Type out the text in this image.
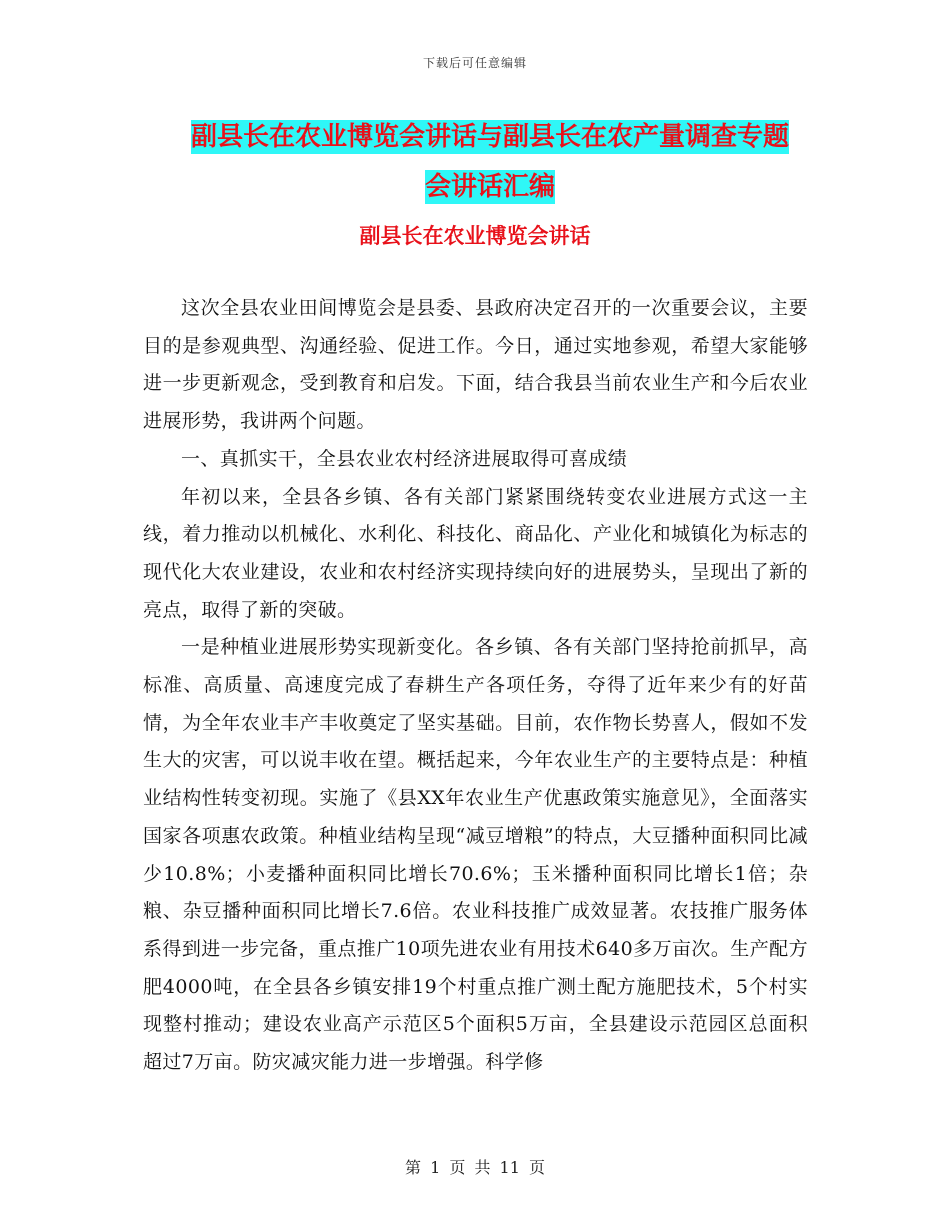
下载后可任意编辑
副县长在农业博览会讲话与副县长在农产量调查专题
会讲话汇编
副县长在农业博览会讲话

这次全县农业田间博览会是县委、县政府决定召开的一次重要会议，主要目的是参观典型、沟通经验、促进工作。今日，通过实地参观，希望大家能够进一步更新观念，受到教育和启发。下面，结合我县当前农业生产和今后农业进展形势，我讲两个问题。

一、真抓实干，全县农业农村经济进展取得可喜成绩

年初以来，全县各乡镇、各有关部门紧紧围绕转变农业进展方式这一主线，着力推动以机械化、水利化、科技化、商品化、产业化和城镇化为标志的现代化大农业建设，农业和农村经济实现持续向好的进展势头，呈现出了新的亮点，取得了新的突破。

一是种植业进展形势实现新变化。各乡镇、各有关部门坚持抢前抓早，高标准、高质量、高速度完成了春耕生产各项任务，夺得了近年来少有的好苗情，为全年农业丰产丰收奠定了坚实基础。目前，农作物长势喜人，假如不发生大的灾害，可以说丰收在望。概括起来，今年农业生产的主要特点是：种植业结构性转变初现。实施了《县XX年农业生产优惠政策实施意见》，全面落实国家各项惠农政策。种植业结构呈现“减豆增粮”的特点，大豆播种面积同比减少10.8%；小麦播种面积同比增长70.6%；玉米播种面积同比增长1倍；杂粮、杂豆播种面积同比增长7.6倍。农业科技推广成效显著。农技推广服务体系得到进一步完备，重点推广10项先进农业有用技术640多万亩次。生产配方肥4000吨，在全县各乡镇安排19个村重点推广测土配方施肥技术，5个村实现整村推动；建设农业高产示范区5个面积5万亩，全县建设示范园区总面积超过7万亩。防灾减灾能力进一步增强。科学修

第 1 页 共 11 页
